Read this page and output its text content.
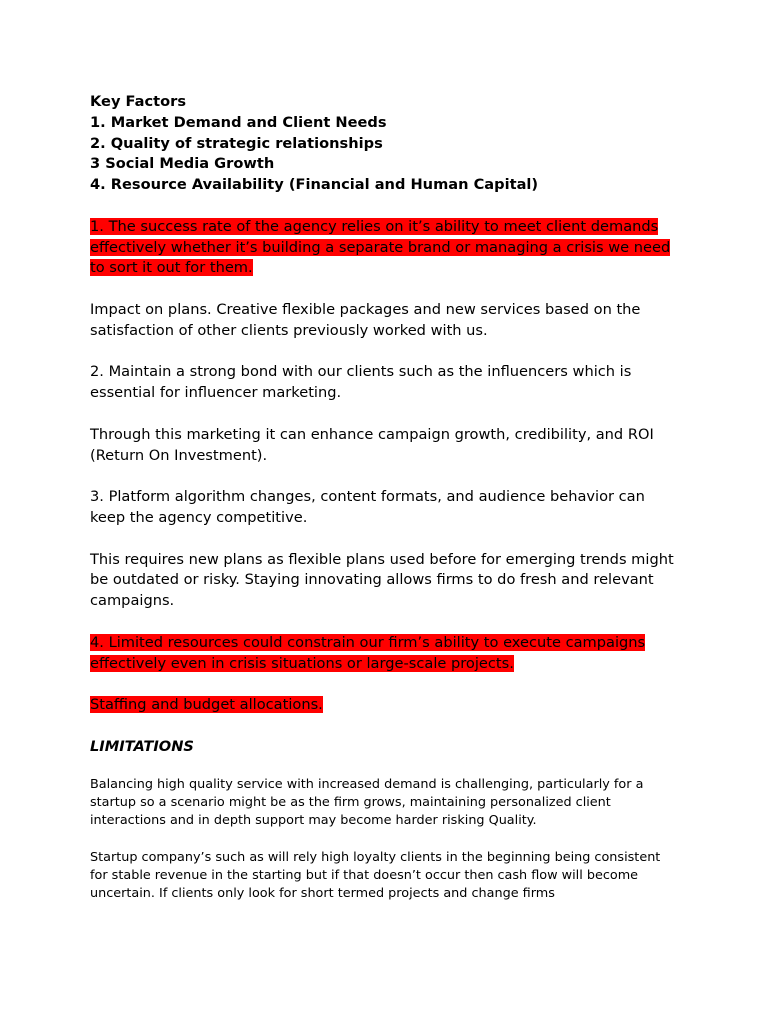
Key Factors
1. Market Demand and Client Needs
2. Quality of strategic relationships
3 Social Media Growth
4. Resource Availability (Financial and Human Capital)

1. The success rate of the agency relies on it’s ability to meet client demands effectively whether it’s building a separate brand or managing a crisis we need to sort it out for them.

Impact on plans. Creative flexible packages and new services based on the satisfaction of other clients previously worked with us.

2. Maintain a strong bond with our clients such as the influencers which is essential for influencer marketing.

Through this marketing it can enhance campaign growth, credibility, and ROI (Return On Investment).

3. Platform algorithm changes, content formats, and audience behavior can keep the agency competitive.

This requires new plans as flexible plans used before for emerging trends might be outdated or risky. Staying innovating allows firms to do fresh and relevant campaigns.

4. Limited resources could constrain our firm’s ability to execute campaigns effectively even in crisis situations or large-scale projects.

Staffing and budget allocations.

LIMITATIONS

Balancing high quality service with increased demand is challenging, particularly for a startup so a scenario might be as the firm grows, maintaining personalized client interactions and in depth support may become harder risking Quality.

Startup company’s such as will rely high loyalty clients in the beginning being consistent for stable revenue in the starting but if that doesn’t occur then cash flow will become uncertain. If clients only look for short termed projects and change firms
